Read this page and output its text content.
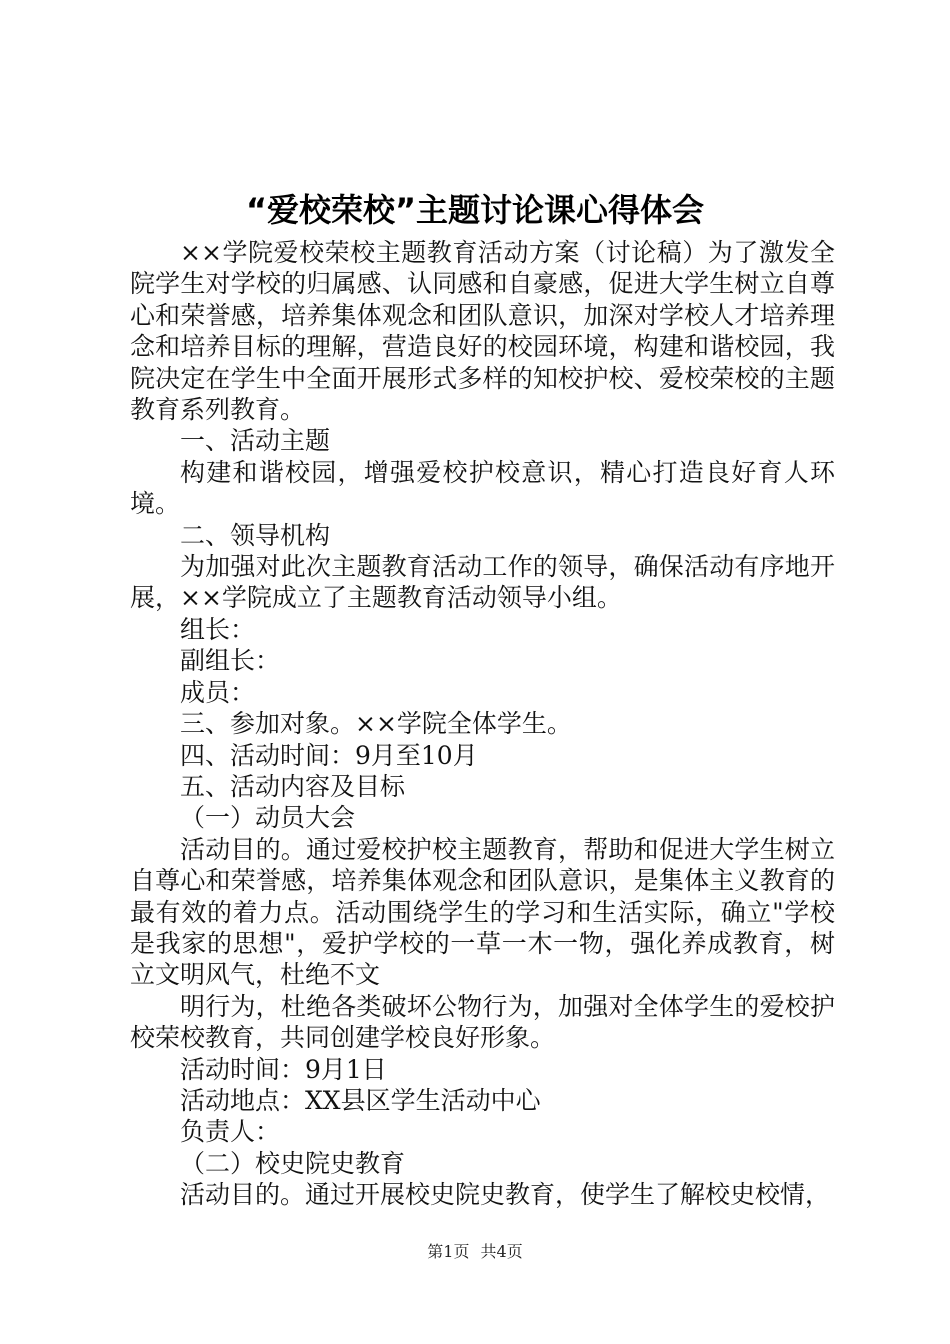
“爱校荣校”主题讨论课心得体会

××学院爱校荣校主题教育活动方案（讨论稿）为了激发全院学生对学校的归属感、认同感和自豪感，促进大学生树立自尊心和荣誉感，培养集体观念和团队意识，加深对学校人才培养理念和培养目标的理解，营造良好的校园环境，构建和谐校园，我院决定在学生中全面开展形式多样的知校护校、爱校荣校的主题教育系列教育。

一、活动主题

构建和谐校园，增强爱校护校意识，精心打造良好育人环境。

二、领导机构

为加强对此次主题教育活动工作的领导，确保活动有序地开展，××学院成立了主题教育活动领导小组。

组长：

副组长：

成员：

三、参加对象。××学院全体学生。

四、活动时间：9月至10月

五、活动内容及目标

（一）动员大会

活动目的。通过爱校护校主题教育，帮助和促进大学生树立自尊心和荣誉感，培养集体观念和团队意识，是集体主义教育的最有效的着力点。活动围绕学生的学习和生活实际，确立"学校是我家的思想"，爱护学校的一草一木一物，强化养成教育，树立文明风气，杜绝不文

明行为，杜绝各类破坏公物行为，加强对全体学生的爱校护校荣校教育，共同创建学校良好形象。

活动时间：9月1日

活动地点：XX县区学生活动中心

负责人：

（二）校史院史教育

活动目的。通过开展校史院史教育，使学生了解校史校情，

第1页 共4页
